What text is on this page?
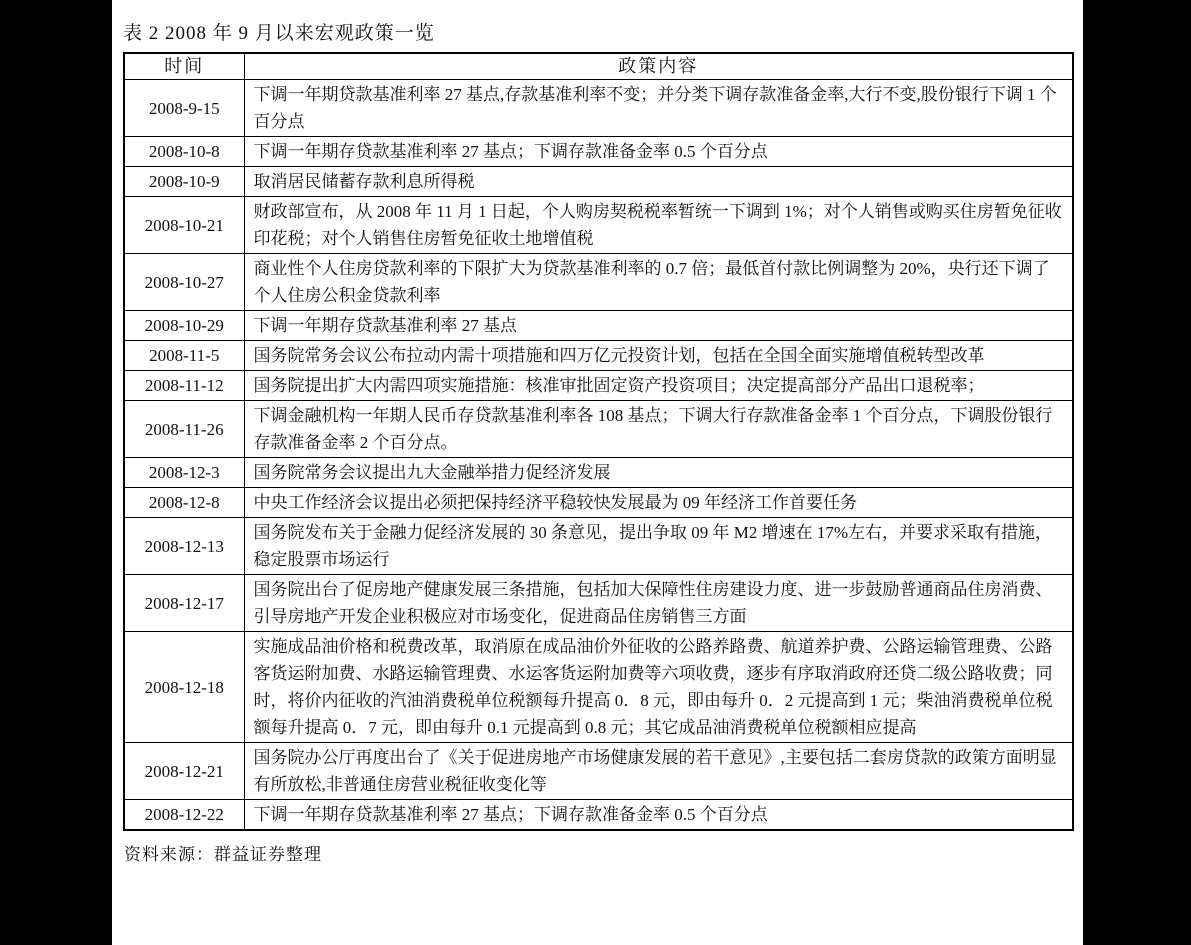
表 2 2008 年 9 月以来宏观政策一览
时间	政策内容
2008-9-15	下调一年期贷款基准利率 27 基点,存款基准利率不变；并分类下调存款准备金率,大行不变,股份银行下调 1 个百分点
2008-10-8	下调一年期存贷款基准利率 27 基点；下调存款准备金率 0.5 个百分点
2008-10-9	取消居民储蓄存款利息所得税
2008-10-21	财政部宣布，从 2008 年 11 月 1 日起，个人购房契税税率暂统一下调到 1%；对个人销售或购买住房暂免征收印花税；对个人销售住房暂免征收土地增值税
2008-10-27	商业性个人住房贷款利率的下限扩大为贷款基准利率的 0.7 倍；最低首付款比例调整为 20%，央行还下调了个人住房公积金贷款利率
2008-10-29	下调一年期存贷款基准利率 27 基点
2008-11-5	国务院常务会议公布拉动内需十项措施和四万亿元投资计划，包括在全国全面实施增值税转型改革
2008-11-12	国务院提出扩大内需四项实施措施：核准审批固定资产投资项目；决定提高部分产品出口退税率；
2008-11-26	下调金融机构一年期人民币存贷款基准利率各 108 基点；下调大行存款准备金率 1 个百分点，下调股份银行存款准备金率 2 个百分点。
2008-12-3	国务院常务会议提出九大金融举措力促经济发展
2008-12-8	中央工作经济会议提出必须把保持经济平稳较快发展最为 09 年经济工作首要任务
2008-12-13	国务院发布关于金融力促经济发展的 30 条意见，提出争取 09 年 M2 增速在 17%左右，并要求采取有措施，稳定股票市场运行
2008-12-17	国务院出台了促房地产健康发展三条措施，包括加大保障性住房建设力度、进一步鼓励普通商品住房消费、引导房地产开发企业积极应对市场变化，促进商品住房销售三方面
2008-12-18	实施成品油价格和税费改革，取消原在成品油价外征收的公路养路费、航道养护费、公路运输管理费、公路客货运附加费、水路运输管理费、水运客货运附加费等六项收费，逐步有序取消政府还贷二级公路收费；同时，将价内征收的汽油消费税单位税额每升提高 0．8 元，即由每升 0．2 元提高到 1 元；柴油消费税单位税额每升提高 0．7 元，即由每升 0.1 元提高到 0.8 元；其它成品油消费税单位税额相应提高
2008-12-21	国务院办公厅再度出台了《关于促进房地产市场健康发展的若干意见》,主要包括二套房贷款的政策方面明显有所放松,非普通住房营业税征收变化等
2008-12-22	下调一年期存贷款基准利率 27 基点；下调存款准备金率 0.5 个百分点
资料来源：群益证券整理
